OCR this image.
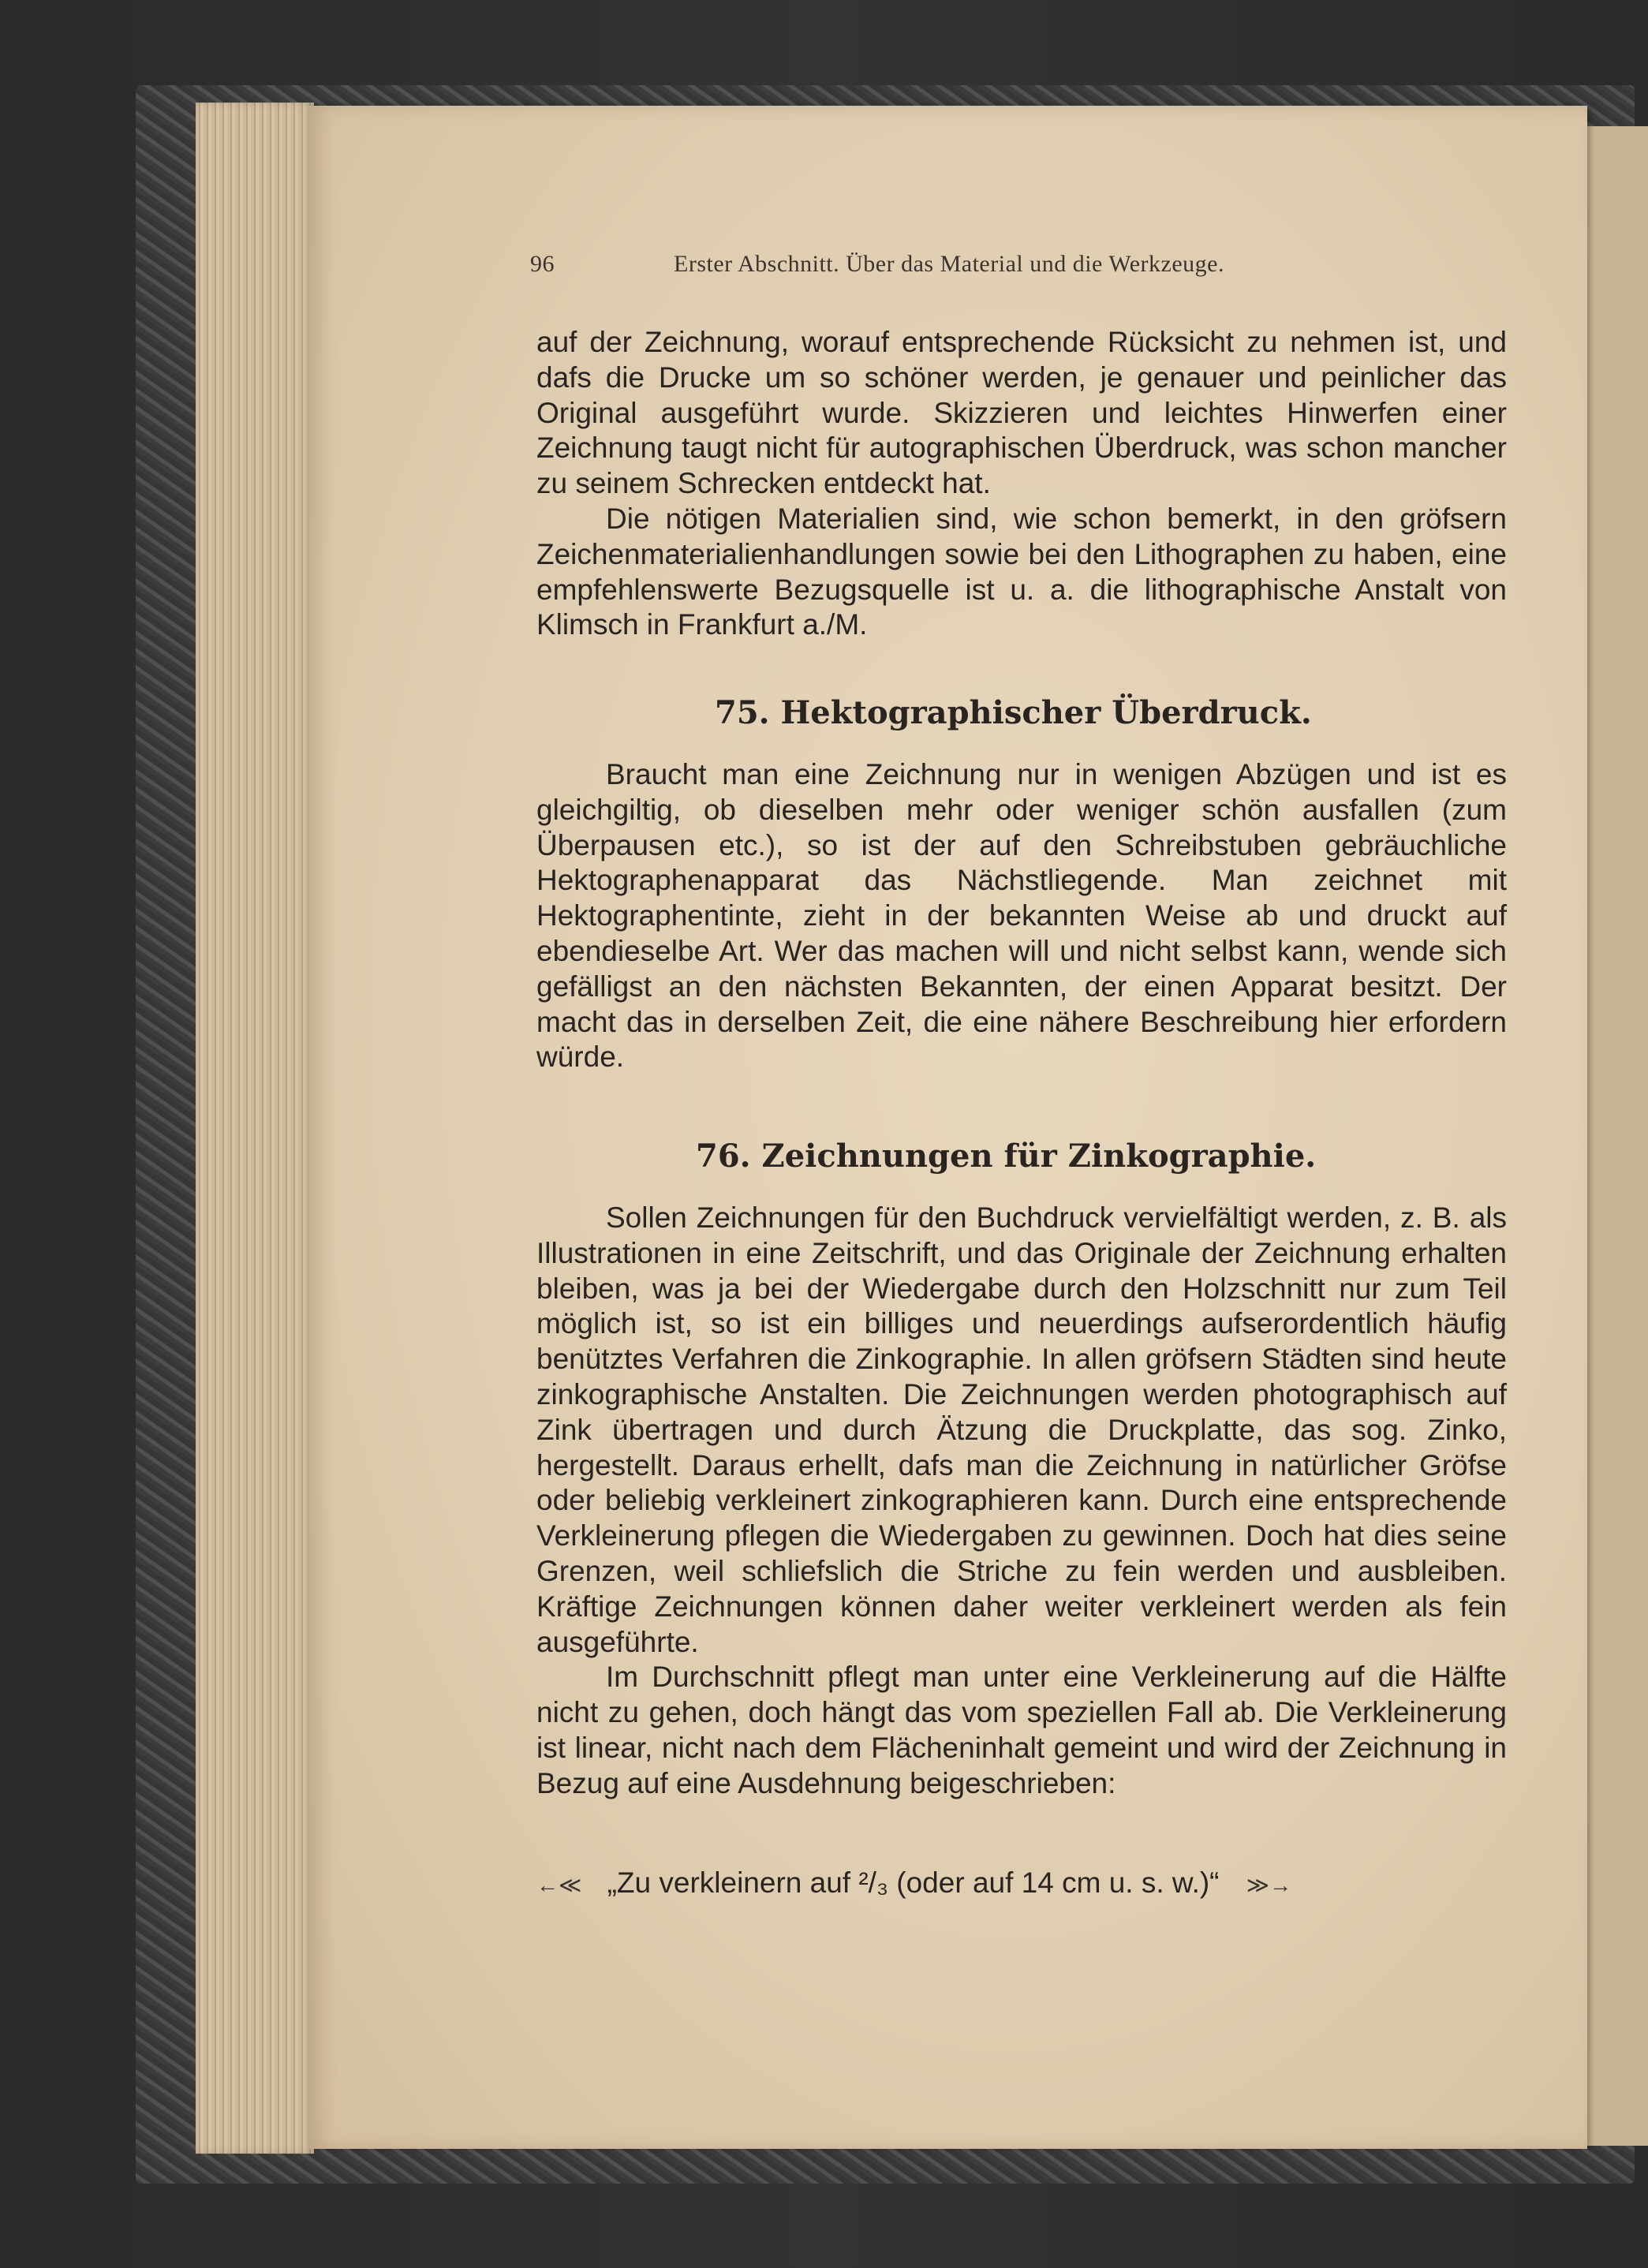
96	Erster Abschnitt. Über das Material und die Werkzeuge.

auf der Zeichnung, worauf entsprechende Rücksicht zu nehmen ist, und dafs die Drucke um so schöner werden, je genauer und peinlicher das Original ausgeführt wurde. Skizzieren und leichtes Hinwerfen einer Zeichnung taugt nicht für autographischen Überdruck, was schon mancher zu seinem Schrecken entdeckt hat.

Die nötigen Materialien sind, wie schon bemerkt, in den gröfsern Zeichenmaterialienhandlungen sowie bei den Lithographen zu haben, eine empfehlenswerte Bezugsquelle ist u. a. die lithographische Anstalt von Klimsch in Frankfurt a./M.

75. Hektographischer Überdruck.

Braucht man eine Zeichnung nur in wenigen Abzügen und ist es gleichgiltig, ob dieselben mehr oder weniger schön ausfallen (zum Überpausen etc.), so ist der auf den Schreibstuben gebräuchliche Hektographenapparat das Nächstliegende. Man zeichnet mit Hektographentinte, zieht in der bekannten Weise ab und druckt auf ebendieselbe Art. Wer das machen will und nicht selbst kann, wende sich gefälligst an den nächsten Bekannten, der einen Apparat besitzt. Der macht das in derselben Zeit, die eine nähere Beschreibung hier erfordern würde.

76. Zeichnungen für Zinkographie.

Sollen Zeichnungen für den Buchdruck vervielfältigt werden, z. B. als Illustrationen in eine Zeitschrift, und das Originale der Zeichnung erhalten bleiben, was ja bei der Wiedergabe durch den Holzschnitt nur zum Teil möglich ist, so ist ein billiges und neuerdings aufserordentlich häufig benütztes Verfahren die Zinkographie. In allen gröfsern Städten sind heute zinkographische Anstalten. Die Zeichnungen werden photographisch auf Zink übertragen und durch Ätzung die Druckplatte, das sog. Zinko, hergestellt. Daraus erhellt, dafs man die Zeichnung in natürlicher Gröfse oder beliebig verkleinert zinkographieren kann. Durch eine entsprechende Verkleinerung pflegen die Wiedergaben zu gewinnen. Doch hat dies seine Grenzen, weil schliefslich die Striche zu fein werden und ausbleiben. Kräftige Zeichnungen können daher weiter verkleinert werden als fein ausgeführte.

Im Durchschnitt pflegt man unter eine Verkleinerung auf die Hälfte nicht zu gehen, doch hängt das vom speziellen Fall ab. Die Verkleinerung ist linear, nicht nach dem Flächeninhalt gemeint und wird der Zeichnung in Bezug auf eine Ausdehnung beigeschrieben:

←≪ „Zu verkleinern auf ²/₃ (oder auf 14 cm u. s. w.)“ ≫→
